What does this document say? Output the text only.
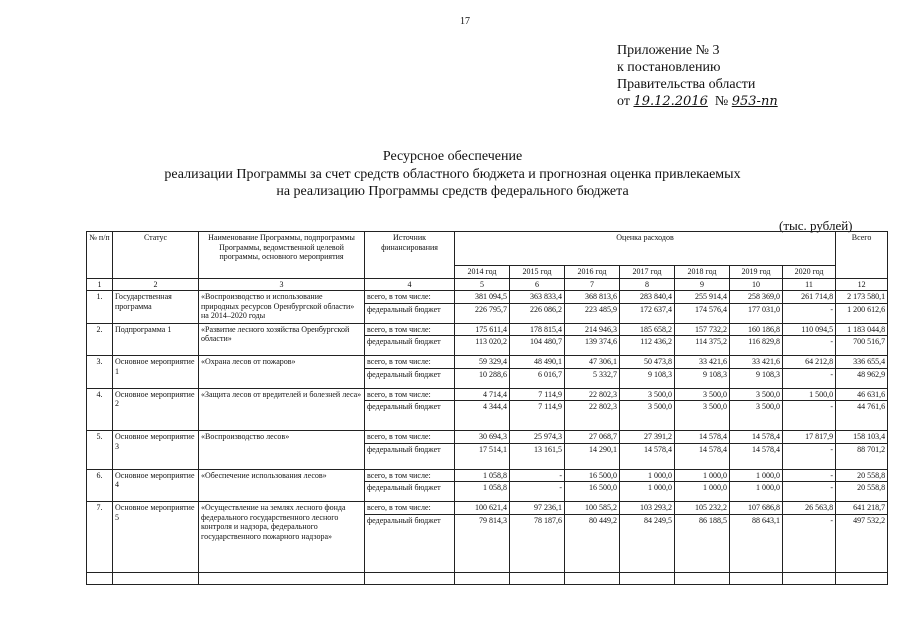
17
Приложение № 3
к постановлению
Правительства области
от 19.12.2016 № 953-пп
Ресурсное обеспечение
реализации Программы за счет средств областного бюджета и прогнозная оценка привлекаемых
на реализацию Программы средств федерального бюджета
(тыс. рублей)
№ п/п	Статус	Наименование Программы, подпрограммы Программы, ведомственной целевой программы, основного мероприятия	Источник финансирования	Оценка расходов							Всего
				2014 год	2015 год	2016 год	2017 год	2018 год	2019 год	2020 год	
1	2	3	4	5	6	7	8	9	10	11	12
1.	Государственная программа	«Воспроизводство и использование природных ресурсов Оренбургской области» на 2014–2020 годы	всего, в том числе:	381 094,5	363 833,4	368 813,6	283 840,4	255 914,4	258 369,0	261 714,8	2 173 580,1
			федеральный бюджет	226 795,7	226 086,2	223 485,9	172 637,4	174 576,4	177 031,0	-	1 200 612,6
2.	Подпрограмма 1	«Развитие лесного хозяйства Оренбургской области»	всего, в том числе:	175 611,4	178 815,4	214 946,3	185 658,2	157 732,2	160 186,8	110 094,5	1 183 044,8
			федеральный бюджет	113 020,2	104 480,7	139 374,6	112 436,2	114 375,2	116 829,8	-	700 516,7
3.	Основное мероприятие 1	«Охрана лесов от пожаров»	всего, в том числе:	59 329,4	48 490,1	47 306,1	50 473,8	33 421,6	33 421,6	64 212,8	336 655,4
			федеральный бюджет	10 288,6	6 016,7	5 332,7	9 108,3	9 108,3	9 108,3	-	48 962,9
4.	Основное мероприятие 2	«Защита лесов от вредителей и болезней леса»	всего, в том числе:	4 714,4	7 114,9	22 802,3	3 500,0	3 500,0	3 500,0	1 500,0	46 631,6
			федеральный бюджет	4 344,4	7 114,9	22 802,3	3 500,0	3 500,0	3 500,0	-	44 761,6
5.	Основное мероприятие 3	«Воспроизводство лесов»	всего, в том числе:	30 694,3	25 974,3	27 068,7	27 391,2	14 578,4	14 578,4	17 817,9	158 103,4
			федеральный бюджет	17 514,1	13 161,5	14 290,1	14 578,4	14 578,4	14 578,4	-	88 701,2
6.	Основное мероприятие 4	«Обеспечение использования лесов»	всего, в том числе:	1 058,8	-	16 500,0	1 000,0	1 000,0	1 000,0	-	20 558,8
			федеральный бюджет	1 058,8	-	16 500,0	1 000,0	1 000,0	1 000,0	-	20 558,8
7.	Основное мероприятие 5	«Осуществление на землях лесного фонда федерального государственного лесного контроля и надзора, федерального государственного пожарного надзора»	всего, в том числе:	100 621,4	97 236,1	100 585,2	103 293,2	105 232,2	107 686,8	26 563,8	641 218,7
			федеральный бюджет	79 814,3	78 187,6	80 449,2	84 249,5	86 188,5	88 643,1	-	497 532,2
